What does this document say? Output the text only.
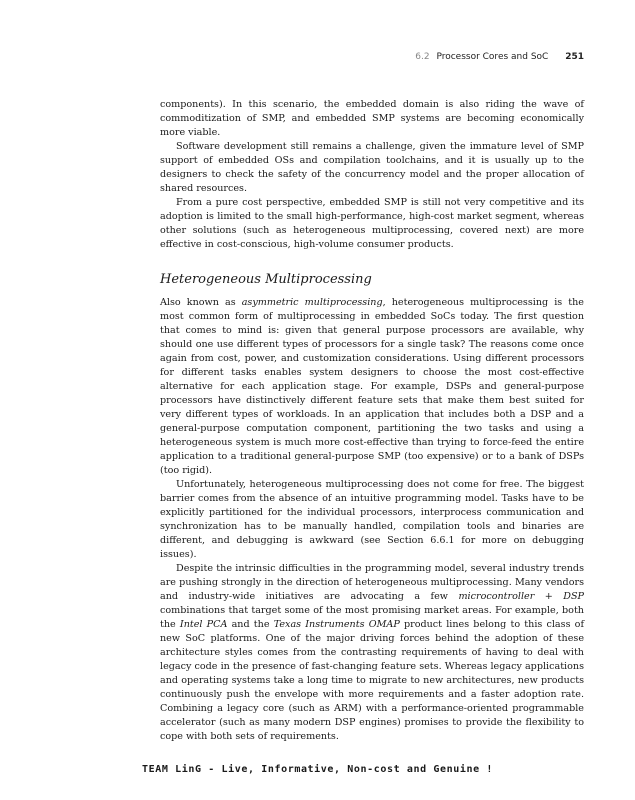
6.2 Processor Cores and SoC 251

components). In this scenario, the embedded domain is also riding the wave of commoditization of SMP, and embedded SMP systems are becoming economically more viable.

Software development still remains a challenge, given the immature level of SMP support of embedded OSs and compilation toolchains, and it is usually up to the designers to check the safety of the concurrency model and the proper allocation of shared resources.

From a pure cost perspective, embedded SMP is still not very competitive and its adoption is limited to the small high-performance, high-cost market segment, whereas other solutions (such as heterogeneous multiprocessing, covered next) are more effective in cost-conscious, high-volume consumer products.

Heterogeneous Multiprocessing

Also known as asymmetric multiprocessing, heterogeneous multiprocessing is the most common form of multiprocessing in embedded SoCs today. The first question that comes to mind is: given that general purpose processors are available, why should one use different types of processors for a single task? The reasons come once again from cost, power, and customization considerations. Using different processors for different tasks enables system designers to choose the most cost-effective alternative for each application stage. For example, DSPs and general-purpose processors have distinctively different feature sets that make them best suited for very different types of workloads. In an application that includes both a DSP and a general-purpose computation component, partitioning the two tasks and using a heterogeneous system is much more cost-effective than trying to force-feed the entire application to a traditional general-purpose SMP (too expensive) or to a bank of DSPs (too rigid).

Unfortunately, heterogeneous multiprocessing does not come for free. The biggest barrier comes from the absence of an intuitive programming model. Tasks have to be explicitly partitioned for the individual processors, interprocess communication and synchronization has to be manually handled, compilation tools and binaries are different, and debugging is awkward (see Section 6.6.1 for more on debugging issues).

Despite the intrinsic difficulties in the programming model, several industry trends are pushing strongly in the direction of heterogeneous multiprocessing. Many vendors and industry-wide initiatives are advocating a few microcontroller + DSP combinations that target some of the most promising market areas. For example, both the Intel PCA and the Texas Instruments OMAP product lines belong to this class of new SoC platforms. One of the major driving forces behind the adoption of these architecture styles comes from the contrasting requirements of having to deal with legacy code in the presence of fast-changing feature sets. Whereas legacy applications and operating systems take a long time to migrate to new architectures, new products continuously push the envelope with more requirements and a faster adoption rate. Combining a legacy core (such as ARM) with a performance-oriented programmable accelerator (such as many modern DSP engines) promises to provide the flexibility to cope with both sets of requirements.

TEAM LinG - Live, Informative, Non-cost and Genuine !
